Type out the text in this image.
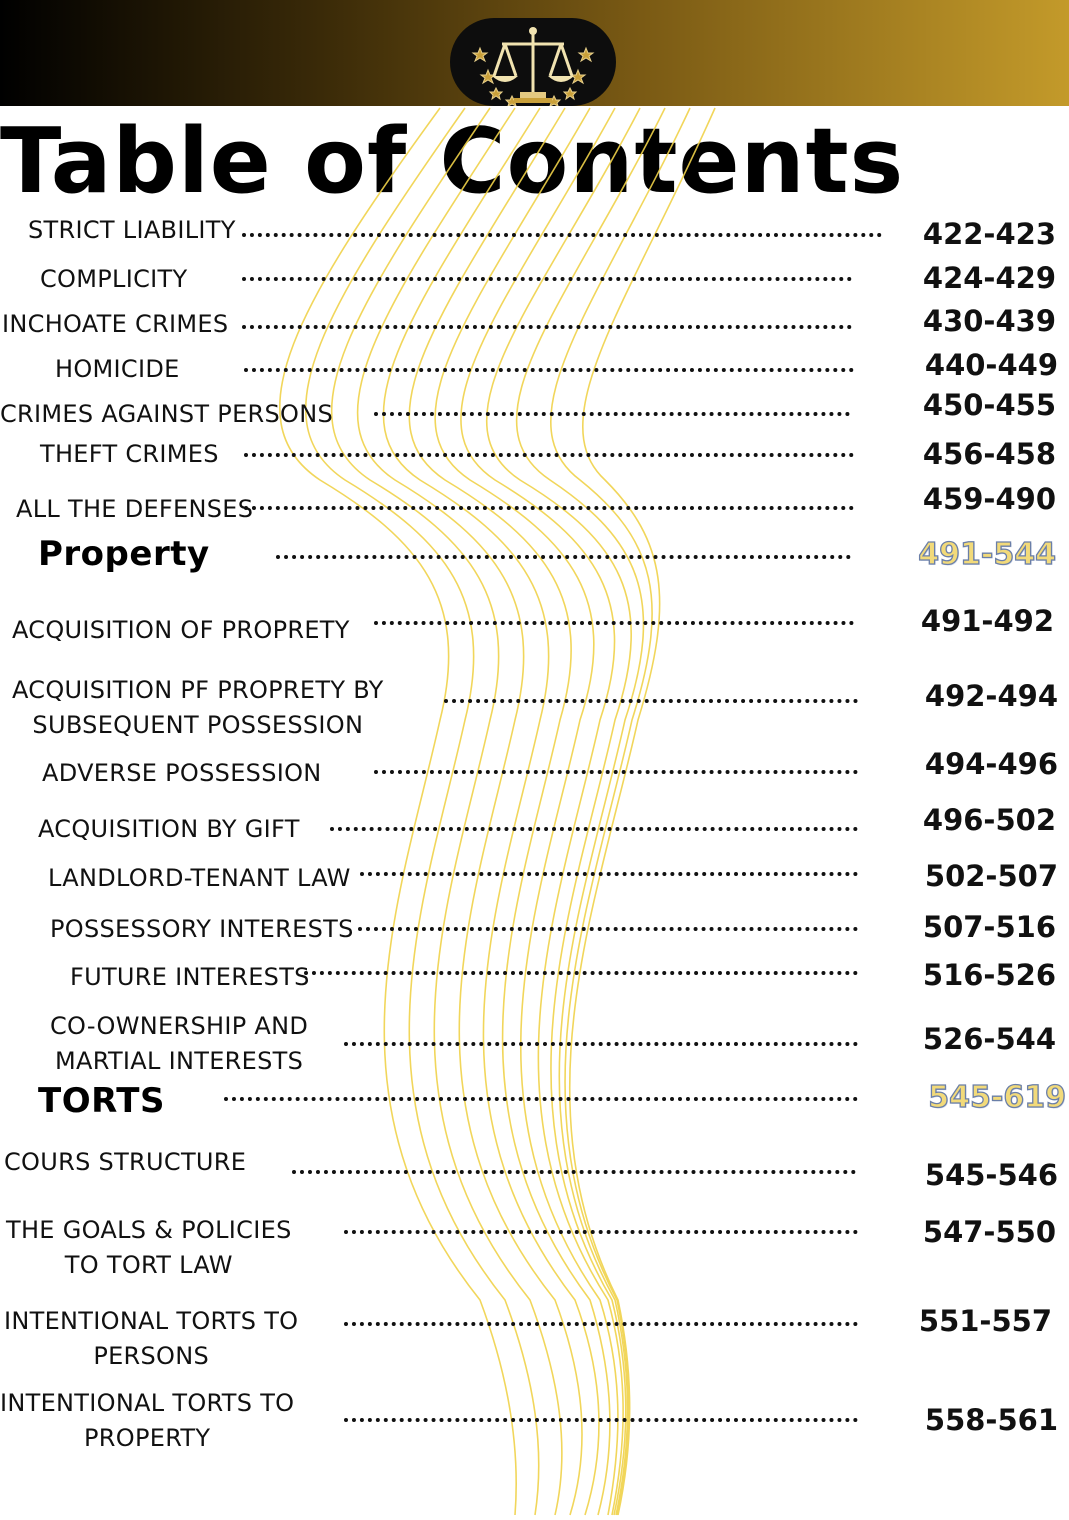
Table of Contents
STRICT LIABILITY	422-423
COMPLICITY	424-429
INCHOATE CRIMES	430-439
HOMICIDE	440-449
CRIMES AGAINST PERSONS	450-455
THEFT CRIMES	456-458
ALL THE DEFENSES	459-490
Property	491-544
ACQUISITION OF PROPRETY	491-492
ACQUISITION PF PROPRETY BY
SUBSEQUENT POSSESSION
492-494
ADVERSE POSSESSION	494-496
ACQUISITION BY GIFT	496-502
LANDLORD-TENANT LAW	502-507
POSSESSORY INTERESTS	507-516
FUTURE INTERESTS	516-526
CO-OWNERSHIP AND
MARTIAL INTERESTS
526-544
TORTS	545-619
COURS STRUCTURE	545-546
THE GOALS & POLICIES
TO TORT LAW
547-550
INTENTIONAL TORTS TO
PERSONS
551-557
INTENTIONAL TORTS TO
PROPERTY
558-561
